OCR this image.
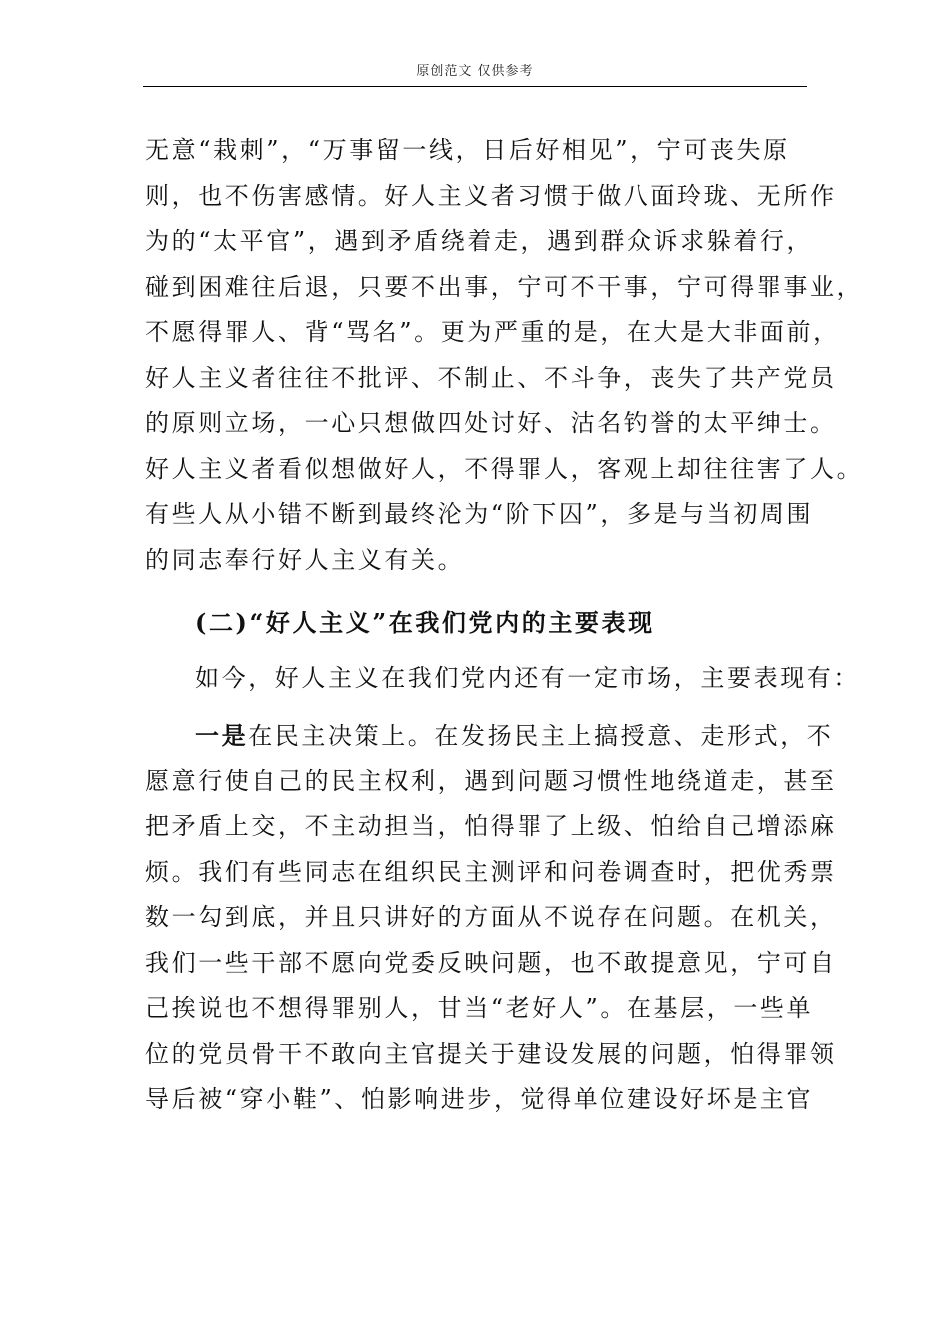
原创范文 仅供参考
无意“栽刺”，“万事留一线，日后好相见”，宁可丧失原
则，也不伤害感情。好人主义者习惯于做八面玲珑、无所作
为的“太平官”，遇到矛盾绕着走，遇到群众诉求躲着行，
碰到困难往后退，只要不出事，宁可不干事，宁可得罪事业，
不愿得罪人、背“骂名”。更为严重的是，在大是大非面前，
好人主义者往往不批评、不制止、不斗争，丧失了共产党员
的原则立场，一心只想做四处讨好、沽名钓誉的太平绅士。
好人主义者看似想做好人，不得罪人，客观上却往往害了人。
有些人从小错不断到最终沦为“阶下囚”，多是与当初周围
的同志奉行好人主义有关。
(二)“好人主义”在我们党内的主要表现
如今，好人主义在我们党内还有一定市场，主要表现有：
一是在民主决策上。在发扬民主上搞授意、走形式，不
愿意行使自己的民主权利，遇到问题习惯性地绕道走，甚至
把矛盾上交，不主动担当，怕得罪了上级、怕给自己增添麻
烦。我们有些同志在组织民主测评和问卷调查时，把优秀票
数一勾到底，并且只讲好的方面从不说存在问题。在机关，
我们一些干部不愿向党委反映问题，也不敢提意见，宁可自
己挨说也不想得罪别人，甘当“老好人”。在基层，一些单
位的党员骨干不敢向主官提关于建设发展的问题，怕得罪领
导后被“穿小鞋”、怕影响进步，觉得单位建设好坏是主官
